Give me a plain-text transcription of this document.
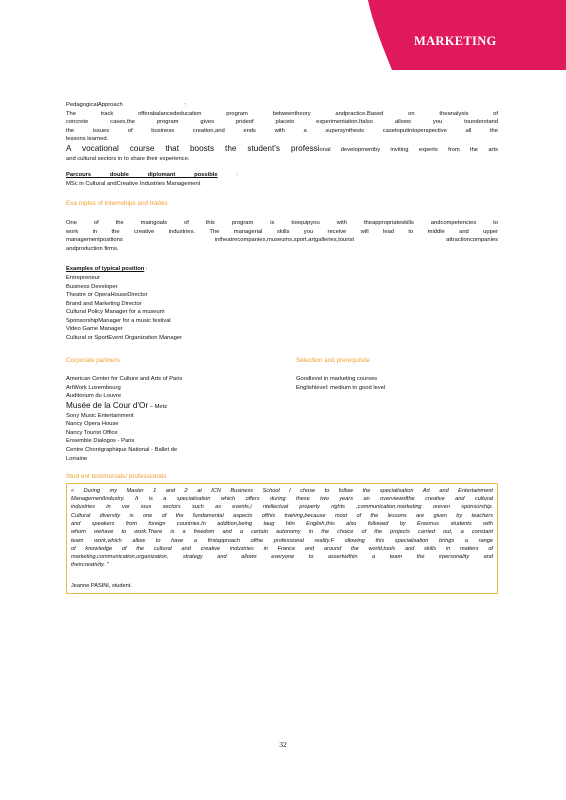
MARKETING
PedagogicalApproach	:
The track offerabalancededucation program betweentheory andpractice.Based on theanalysis of
concrete cases,the program gives pridеof placeto experimentation.Italso allows you tounderstand
the issues of business creation,and ends with a supersynthesis casetoputintoperspective all the
lessons learned.
A vocational course that boosts the student's professional developmentby inviting experts from the arts
and cultural sectors in to share their experience.
Parcours double diplomant possible	:
MSc in Cultural andCreative Industries Management
Exa mples of internships and trades
One of the maingoals of this program is toequipyou with theappropriateskills andcompetencies to
work in the creative industries. The managerial skills you receive will lead to middle and upper
managementpositions intheatrecompanies,museums,sport,artgalleries,tourist attractioncompanies
andproduction firms.
Examples of typical position :
Entrepreneur
Business Developer
Theatre or OperaHouseDirector
Brand and Marketing Director
Cultural Policy Manager for a museum
SponsorshipManager for a music festival
Video Game Manager
Cultural or SportEvent Organization Manager
Corporate partners
American Center for Culture and Arts of Paris
ArtWork Luxembourg
Auditorium du Louvre
Musée de la Cour d'Or – Metz
Sony Music Entertainment
Nancy Opera House
Nancy Tourist Office
Ensemble Dialogos - Paris
Centre Chorégraphique National - Ballet de
Lorraine
Selection and prerequisite
Goodlevel in marketing courses
Englishlevel: medium to good level
Stud ent testimonials/ professionals
« During my Master 1 and 2 at ICN Business School I chose to follow the specialisation Art and Entertainment
ManagementIndustry. It is a specialisation which offers during these two years an overviewofthe creative and cultural
industries in var ious sectors such as events,i ntellectual property rights ,communication,marketing oreven sponsorship.
Cultural diversity is one of the fundamental aspects ofthis training,because most of the lessons are given by teachers
and speakers from foreign countries.In addition,being taug htin English,this also followed by Erasmus students with
whom wehave to work.There is a freedom and a certain autonomy in the choice of the projects carried out, a constant
team work,which allow to have a firstapproach ofthe professional reality.F ollowing this specialisation brings a range
of knowledge of the cultural and creative industries in France and around the world,tools and skills in matters of
marketing,communication,organization, strategy and allows everyone to assertwithin a team the irpersonality and
theircreativity. "
Jeanne PASINI, student.
32
